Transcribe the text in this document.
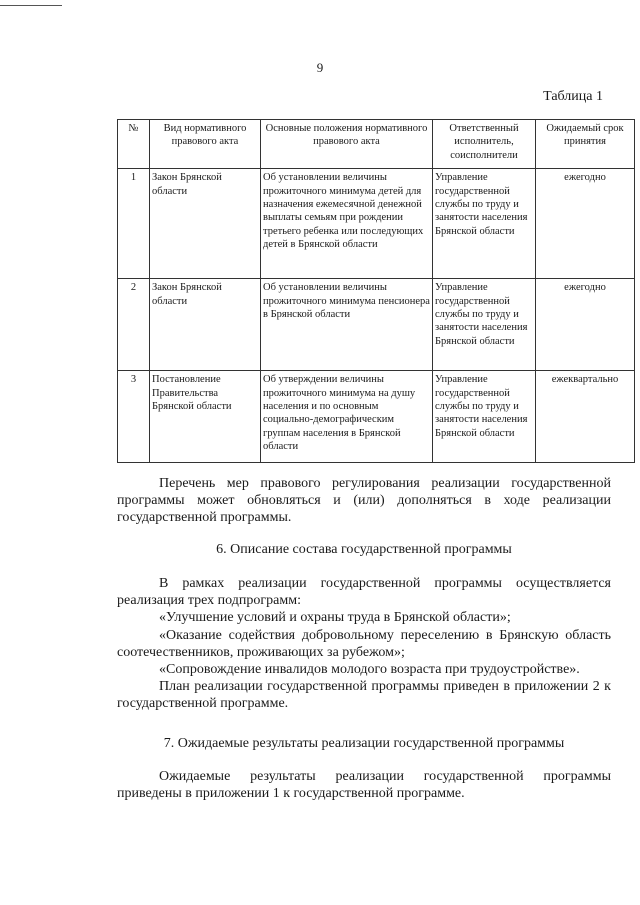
9
Таблица 1
№	Вид нормативного правового акта	Основные положения нормативного правового акта	Ответственный исполнитель, соисполнители	Ожидаемый срок принятия
1	Закон Брянской области	Об установлении величины прожиточного минимума детей для назначения ежемесячной денежной выплаты семьям при рождении третьего ребенка или последующих детей в Брянской области	Управление государственной службы по труду и занятости населения Брянской области	ежегодно
2	Закон Брянской области	Об установлении величины прожиточного минимума пенсионера в Брянской области	Управление государственной службы по труду и занятости населения Брянской области	ежегодно
3	Постановление Правительства Брянской области	Об утверждении величины прожиточного минимума на душу населения и по основным социально-демографическим группам населения в Брянской области	Управление государственной службы по труду и занятости населения Брянской области	ежеквартально

Перечень мер правового регулирования реализации государственной программы может обновляться и (или) дополняться в ходе реализации государственной программы.

6. Описание состава государственной программы

В рамках реализации государственной программы осуществляется реализация трех подпрограмм:

«Улучшение условий и охраны труда в Брянской области»;

«Оказание содействия добровольному переселению в Брянскую область соотечественников, проживающих за рубежом»;

«Сопровождение инвалидов молодого возраста при трудоустройстве».

План реализации государственной программы приведен в приложении 2 к государственной программе.

7. Ожидаемые результаты реализации государственной программы

Ожидаемые результаты реализации государственной программы приведены в приложении 1 к государственной программе.
